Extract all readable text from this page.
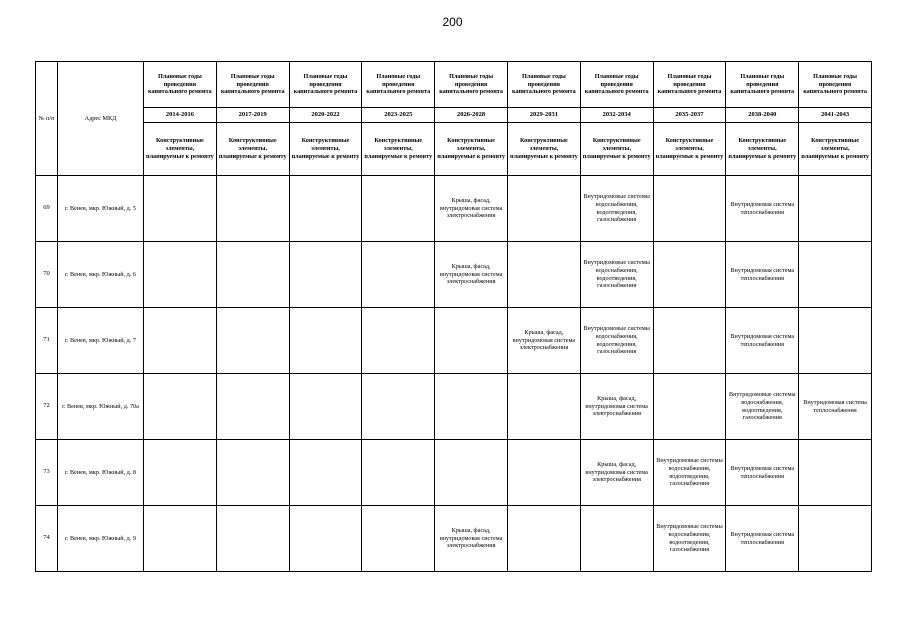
200
№ п/п	Адрес МКД	Плановые годы проведения капитального ремонта	Плановые годы проведения капитального ремонта	Плановые годы проведения капитального ремонта	Плановые годы проведения капитального ремонта	Плановые годы проведения капитального ремонта	Плановые годы проведения капитального ремонта	Плановые годы проведения капитального ремонта	Плановые годы проведения капитального ремонта	Плановые годы проведения капитального ремонта	Плановые годы проведения капитального ремонта
		2014-2016	2017-2019	2020-2022	2023-2025	2026-2028	2029-2031	2032-2034	2035-2037	2038-2040	2041-2043
		Конструктивные элементы, планируемые к ремонту	Конструктивные элементы, планируемые к ремонту	Конструктивные элементы, планируемые к ремонту	Конструктивные элементы, планируемые к ремонту	Конструктивные элементы, планируемые к ремонту	Конструктивные элементы, планируемые к ремонту	Конструктивные элементы, планируемые к ремонту	Конструктивные элементы, планируемые к ремонту	Конструктивные элементы, планируемые к ремонту	Конструктивные элементы, планируемые к ремонту
69	г. Венев, мкр. Южный, д. 5					Крыша, фасад, внутридомовая система электроснабжения		Внутридомовые системы водоснабжения, водоотведения, газоснабжения		Внутридомовая система теплоснабжения	
70	г. Венев, мкр. Южный, д. 6					Крыша, фасад, внутридомовая система электроснабжения		Внутридомовые системы водоснабжения, водоотведения, газоснабжения		Внутридомовая система теплоснабжения	
71	г. Венев, мкр. Южный, д. 7						Крыша, фасад, внутридомовая система электроснабжения	Внутридомовые системы водоснабжения, водоотведения, газоснабжения		Внутридомовая система теплоснабжения	
72	г. Венев, мкр. Южный, д. 70а							Крыша, фасад, внутридомовая система электроснабжения		Внутридомовые системы водоснабжения, водоотведения, газоснабжения	Внутридомовая система теплоснабжения
73	г. Венев, мкр. Южный, д. 8							Крыша, фасад, внутридомовая система электроснабжения	Внутридомовые системы водоснабжения, водоотведения, газоснабжения	Внутридомовая система теплоснабжения	
74	г. Венев, мкр. Южный, д. 9					Крыша, фасад, внутридомовая система электроснабжения			Внутридомовые системы водоснабжения, водоотведения, газоснабжения	Внутридомовая система теплоснабжения	
